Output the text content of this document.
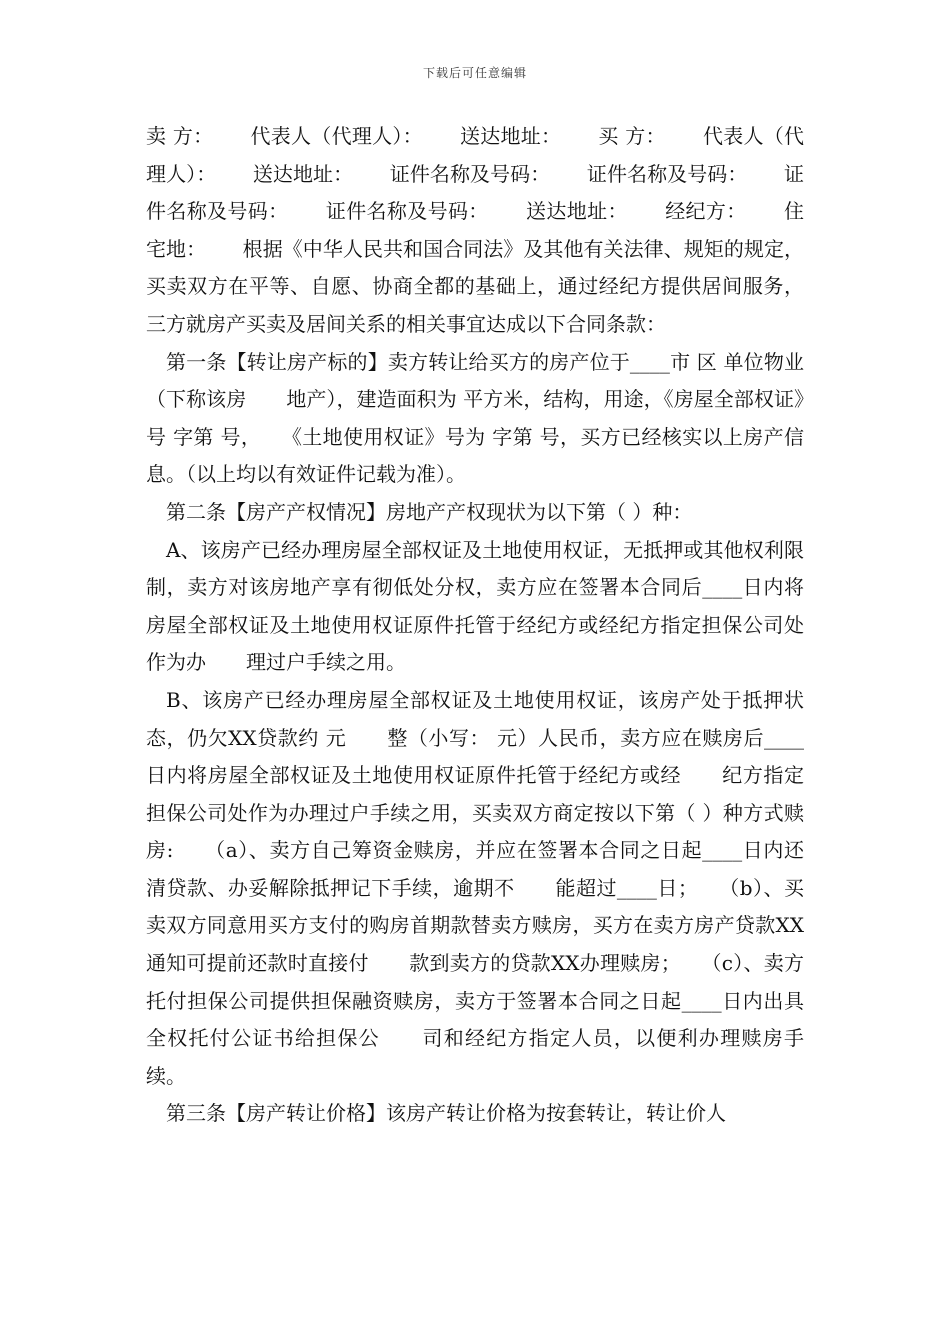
下载后可任意编辑

卖 方：　　 代表人（代理人）：　　 送达地址：　　 买 方：　　 代表人（代理人）：　　 送达地址：　　 证件名称及号码：　　 证件名称及号码：　　 证件名称及号码：　　 证件名称及号码：　　 送达地址：　　 经纪方：　　 住宅地：　　 根据《中华人民共和国合同法》及其他有关法律、规矩的规定，买卖双方在平等、自愿、协商全都的基础上，通过经纪方提供居间服务，三方就房产买卖及居间关系的相关事宜达成以下合同条款：

第一条【转让房产标的】卖方转让给买方的房产位于____市 区 单位物业（下称该房　　地产），建造面积为 平方米，结构，用途，《房屋全部权证》号 字第 号，　　《土地使用权证》号为 字第 号，买方已经核实以上房产信息。（以上均以有效证件记载为准）。

第二条【房产产权情况】房地产产权现状为以下第（ ）种：

A、该房产已经办理房屋全部权证及土地使用权证，无抵押或其他权利限制，卖方对该房地产享有彻低处分权，卖方应在签署本合同后____日内将房屋全部权证及土地使用权证原件托管于经纪方或经纪方指定担保公司处作为办　　理过户手续之用。

B、该房产已经办理房屋全部权证及土地使用权证，该房产处于抵押状态，仍欠XX贷款约 元　　整（小写： 元）人民币，卖方应在赎房后____日内将房屋全部权证及土地使用权证原件托管于经纪方或经　　纪方指定担保公司处作为办理过户手续之用，买卖双方商定按以下第（ ）种方式赎房:　　（a）、卖方自己筹资金赎房，并应在签署本合同之日起____日内还清贷款、办妥解除抵押记下手续，逾期不　　能超过____日；　　（b）、买卖双方同意用买方支付的购房首期款替卖方赎房，买方在卖方房产贷款XX通知可提前还款时直接付　　款到卖方的贷款XX办理赎房；　　（c）、卖方托付担保公司提供担保融资赎房，卖方于签署本合同之日起____日内出具全权托付公证书给担保公　　司和经纪方指定人员，以便利办理赎房手续。

第三条【房产转让价格】该房产转让价格为按套转让，转让价人
